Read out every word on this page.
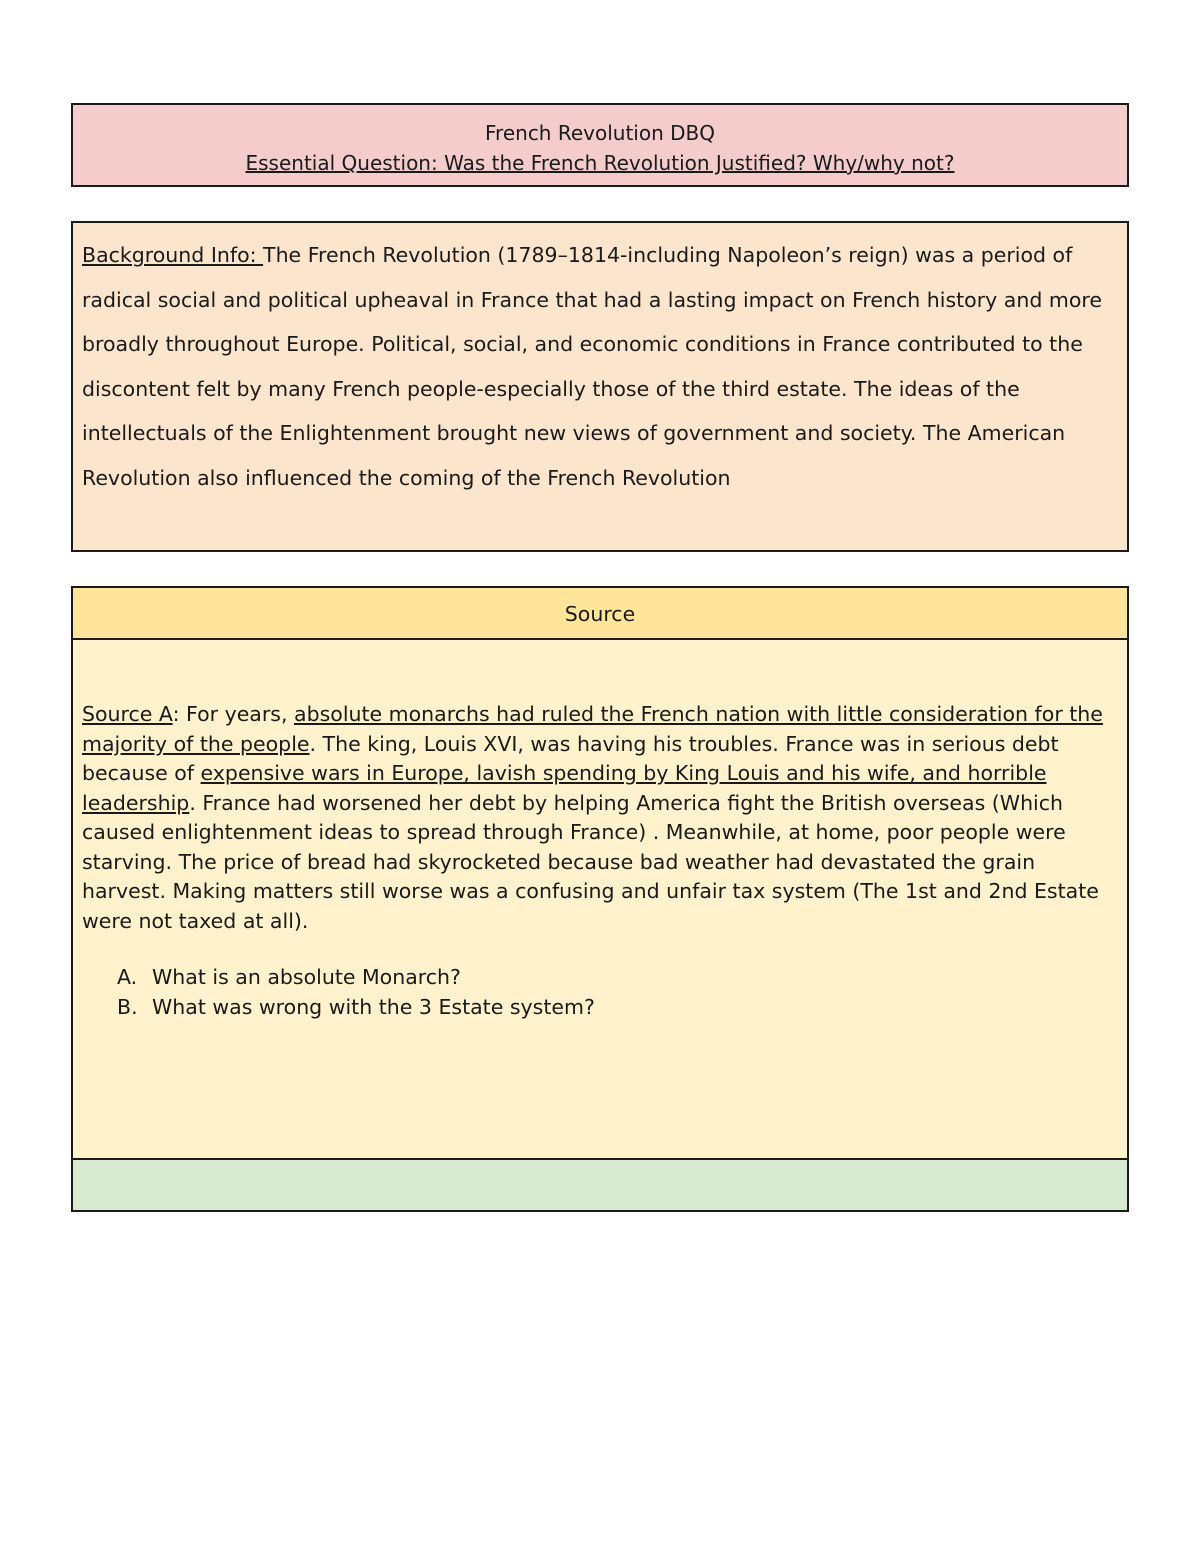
French Revolution DBQ
Essential Question: Was the French Revolution Justified? Why/why not?
Background Info: The French Revolution (1789–1814-including Napoleon’s reign) was a period of radical social and political upheaval in France that had a lasting impact on French history and more broadly throughout Europe. Political, social, and economic conditions in France contributed to the discontent felt by many French people-especially those of the third estate. The ideas of the intellectuals of the Enlightenment brought new views of government and society. The American Revolution also influenced the coming of the French Revolution
Source
Source A: For years, absolute monarchs had ruled the French nation with little consideration for the majority of the people. The king, Louis XVI, was having his troubles. France was in serious debt because of expensive wars in Europe, lavish spending by King Louis and his wife, and horrible leadership. France had worsened her debt by helping America fight the British overseas (Which caused enlightenment ideas to spread through France) . Meanwhile, at home, poor people were starving. The price of bread had skyrocketed because bad weather had devastated the grain harvest. Making matters still worse was a confusing and unfair tax system (The 1st and 2nd Estate were not taxed at all).
A. What is an absolute Monarch?
B. What was wrong with the 3 Estate system?
